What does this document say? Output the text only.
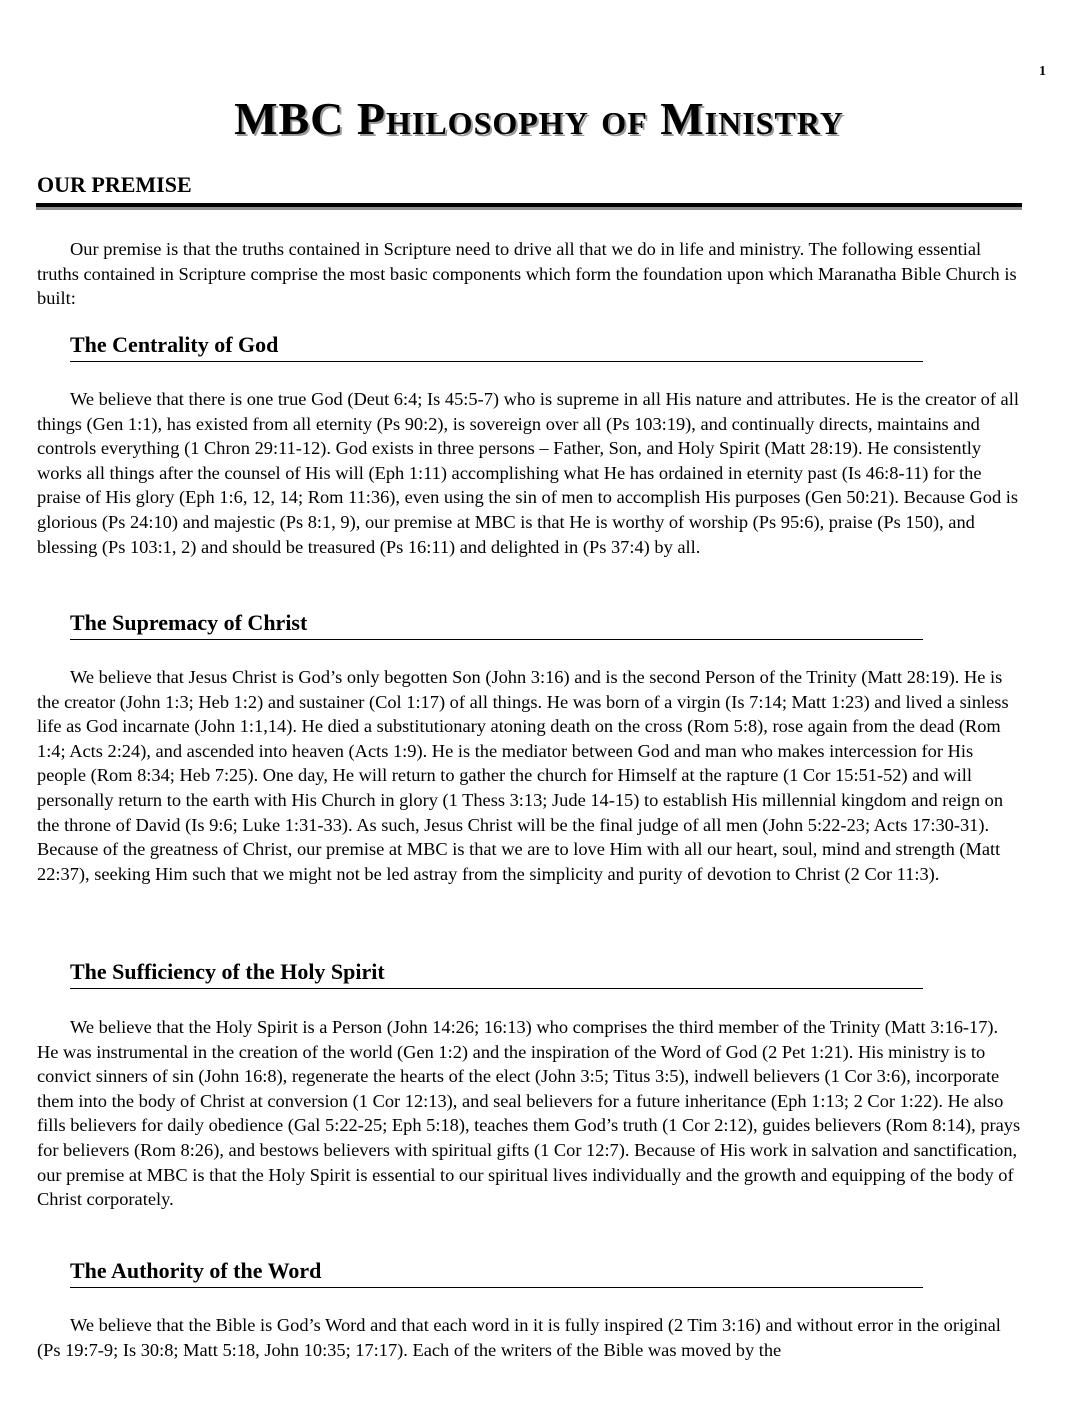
1
MBC Philosophy of Ministry
OUR PREMISE

Our premise is that the truths contained in Scripture need to drive all that we do in life and ministry. The following essential truths contained in Scripture comprise the most basic components which form the foundation upon which Maranatha Bible Church is built:

The Centrality of God

We believe that there is one true God (Deut 6:4; Is 45:5-7) who is supreme in all His nature and attributes. He is the creator of all things (Gen 1:1), has existed from all eternity (Ps 90:2), is sovereign over all (Ps 103:19), and continually directs, maintains and controls everything (1 Chron 29:11-12). God exists in three persons – Father, Son, and Holy Spirit (Matt 28:19). He consistently works all things after the counsel of His will (Eph 1:11) accomplishing what He has ordained in eternity past (Is 46:8-11) for the praise of His glory (Eph 1:6, 12, 14; Rom 11:36), even using the sin of men to accomplish His purposes (Gen 50:21). Because God is glorious (Ps 24:10) and majestic (Ps 8:1, 9), our premise at MBC is that He is worthy of worship (Ps 95:6), praise (Ps 150), and blessing (Ps 103:1, 2) and should be treasured (Ps 16:11) and delighted in (Ps 37:4) by all.

The Supremacy of Christ

We believe that Jesus Christ is God’s only begotten Son (John 3:16) and is the second Person of the Trinity (Matt 28:19). He is the creator (John 1:3; Heb 1:2) and sustainer (Col 1:17) of all things. He was born of a virgin (Is 7:14; Matt 1:23) and lived a sinless life as God incarnate (John 1:1,14). He died a substitutionary atoning death on the cross (Rom 5:8), rose again from the dead (Rom 1:4; Acts 2:24), and ascended into heaven (Acts 1:9). He is the mediator between God and man who makes intercession for His people (Rom 8:34; Heb 7:25). One day, He will return to gather the church for Himself at the rapture (1 Cor 15:51-52) and will personally return to the earth with His Church in glory (1 Thess 3:13; Jude 14-15) to establish His millennial kingdom and reign on the throne of David (Is 9:6; Luke 1:31-33). As such, Jesus Christ will be the final judge of all men (John 5:22-23; Acts 17:30-31). Because of the greatness of Christ, our premise at MBC is that we are to love Him with all our heart, soul, mind and strength (Matt 22:37), seeking Him such that we might not be led astray from the simplicity and purity of devotion to Christ (2 Cor 11:3).

The Sufficiency of the Holy Spirit

We believe that the Holy Spirit is a Person (John 14:26; 16:13) who comprises the third member of the Trinity (Matt 3:16-17). He was instrumental in the creation of the world (Gen 1:2) and the inspiration of the Word of God (2 Pet 1:21). His ministry is to convict sinners of sin (John 16:8), regenerate the hearts of the elect (John 3:5; Titus 3:5), indwell believers (1 Cor 3:6), incorporate them into the body of Christ at conversion (1 Cor 12:13), and seal believers for a future inheritance (Eph 1:13; 2 Cor 1:22). He also fills believers for daily obedience (Gal 5:22-25; Eph 5:18), teaches them God’s truth (1 Cor 2:12), guides believers (Rom 8:14), prays for believers (Rom 8:26), and bestows believers with spiritual gifts (1 Cor 12:7). Because of His work in salvation and sanctification, our premise at MBC is that the Holy Spirit is essential to our spiritual lives individually and the growth and equipping of the body of Christ corporately.

The Authority of the Word

We believe that the Bible is God’s Word and that each word in it is fully inspired (2 Tim 3:16) and without error in the original (Ps 19:7-9; Is 30:8; Matt 5:18, John 10:35; 17:17). Each of the writers of the Bible was moved by the
